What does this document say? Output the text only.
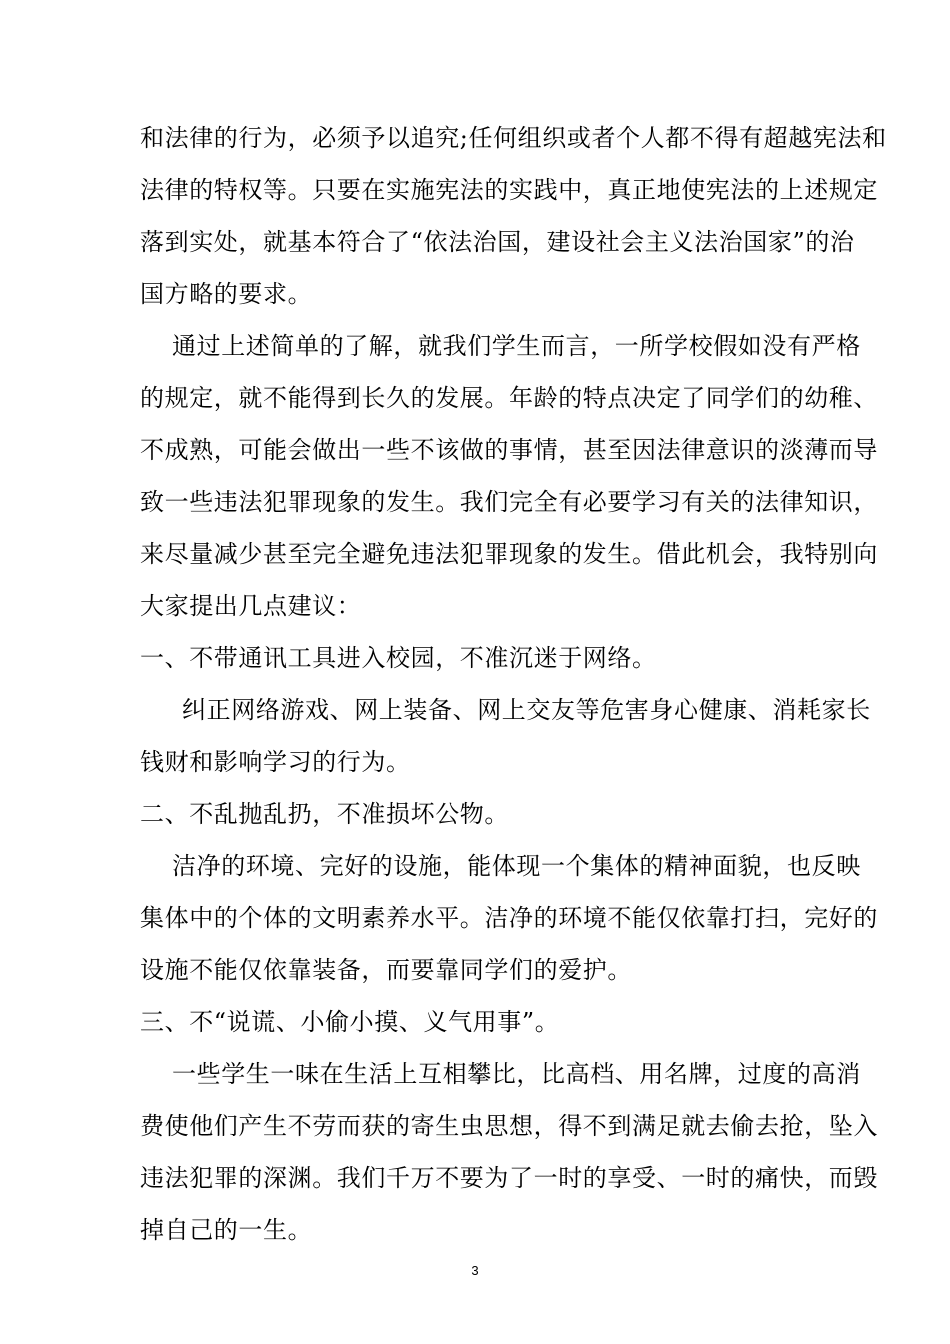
和法律的行为，必须予以追究;任何组织或者个人都不得有超越宪法和
法律的特权等。只要在实施宪法的实践中，真正地使宪法的上述规定
落到实处，就基本符合了“依法治国，建设社会主义法治国家”的治
国方略的要求。
通过上述简单的了解，就我们学生而言，一所学校假如没有严格
的规定，就不能得到长久的发展。年龄的特点决定了同学们的幼稚、
不成熟，可能会做出一些不该做的事情，甚至因法律意识的淡薄而导
致一些违法犯罪现象的发生。我们完全有必要学习有关的法律知识，
来尽量减少甚至完全避免违法犯罪现象的发生。借此机会，我特别向
大家提出几点建议：
一、不带通讯工具进入校园，不准沉迷于网络。
纠正网络游戏、网上装备、网上交友等危害身心健康、消耗家长
钱财和影响学习的行为。
二、不乱抛乱扔，不准损坏公物。
洁净的环境、完好的设施，能体现一个集体的精神面貌，也反映
集体中的个体的文明素养水平。洁净的环境不能仅依靠打扫，完好的
设施不能仅依靠装备，而要靠同学们的爱护。
三、不“说谎、小偷小摸、义气用事”。
一些学生一味在生活上互相攀比，比高档、用名牌，过度的高消
费使他们产生不劳而获的寄生虫思想，得不到满足就去偷去抢，坠入
违法犯罪的深渊。我们千万不要为了一时的享受、一时的痛快，而毁
掉自己的一生。
3
